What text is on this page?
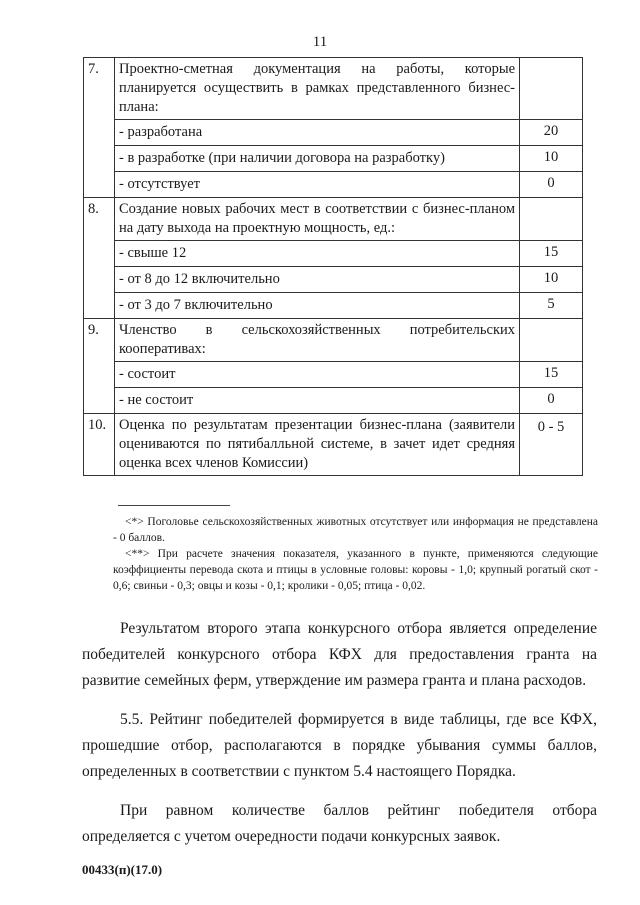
11
7.	Проектно-сметная документация на работы, которые планируется осуществить в рамках представленного бизнес-плана:	
	- разработана	20
	- в разработке (при наличии договора на разработку)	10
	- отсутствует	0
8.	Создание новых рабочих мест в соответствии с бизнес-планом на дату выхода на проектную мощность, ед.:	
	- свыше 12	15
	- от 8 до 12 включительно	10
	- от 3 до 7 включительно	5
9.	Членство в сельскохозяйственных потребительских кооперативах:	
	- состоит	15
	- не состоит	0
10.	Оценка по результатам презентации бизнес-плана (заявители оцениваются по пятибалльной системе, в зачет идет средняя оценка всех членов Комиссии)	0 - 5

<*> Поголовье сельскохозяйственных животных отсутствует или информация не представлена - 0 баллов.

<**> При расчете значения показателя, указанного в пункте, применяются следующие коэффициенты перевода скота и птицы в условные головы: коровы - 1,0; крупный рогатый скот - 0,6; свиньи - 0,3; овцы и козы - 0,1; кролики - 0,05; птица - 0,02.

Результатом второго этапа конкурсного отбора является определение победителей конкурсного отбора КФХ для предоставления гранта на развитие семейных ферм, утверждение им размера гранта и плана расходов.

5.5. Рейтинг победителей формируется в виде таблицы, где все КФХ, прошедшие отбор, располагаются в порядке убывания суммы баллов, определенных в соответствии с пунктом 5.4 настоящего Порядка.

При равном количестве баллов рейтинг победителя отбора определяется с учетом очередности подачи конкурсных заявок.

00433(п)(17.0)
